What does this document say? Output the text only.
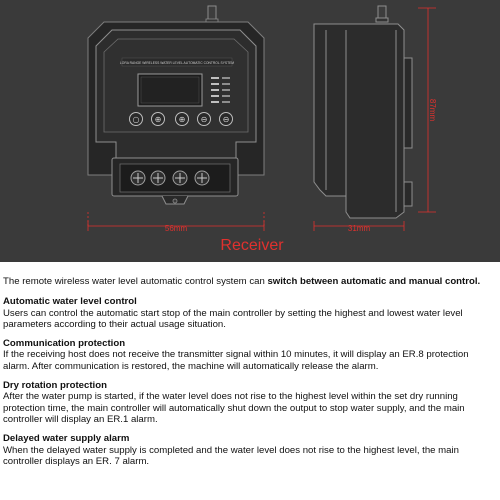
LORA RANGE WIRELESS WATER LEVEL AUTOMATIC CONTROL SYSTEM
○ ⊕ ⊕ ⊖ ⊖
56mm	31mm
87mm
Receiver

The remote wireless water level automatic control system can switch between automatic and manual control.

Automatic water level control

Users can control the automatic start stop of the main controller by setting the highest and lowest water level parameters according to their actual usage situation.

Communication protection

If the receiving host does not receive the transmitter signal within 10 minutes, it will display an ER.8 protection alarm. After communication is restored, the machine will automatically release the alarm.

Dry rotation protection

After the water pump is started, if the water level does not rise to the highest level within the set dry running protection time, the main controller will automatically shut down the output to stop water supply, and the main controller will display an ER.1 alarm.

Delayed water supply alarm

When the delayed water supply is completed and the water level does not rise to the highest level, the main controller displays an ER. 7 alarm.
